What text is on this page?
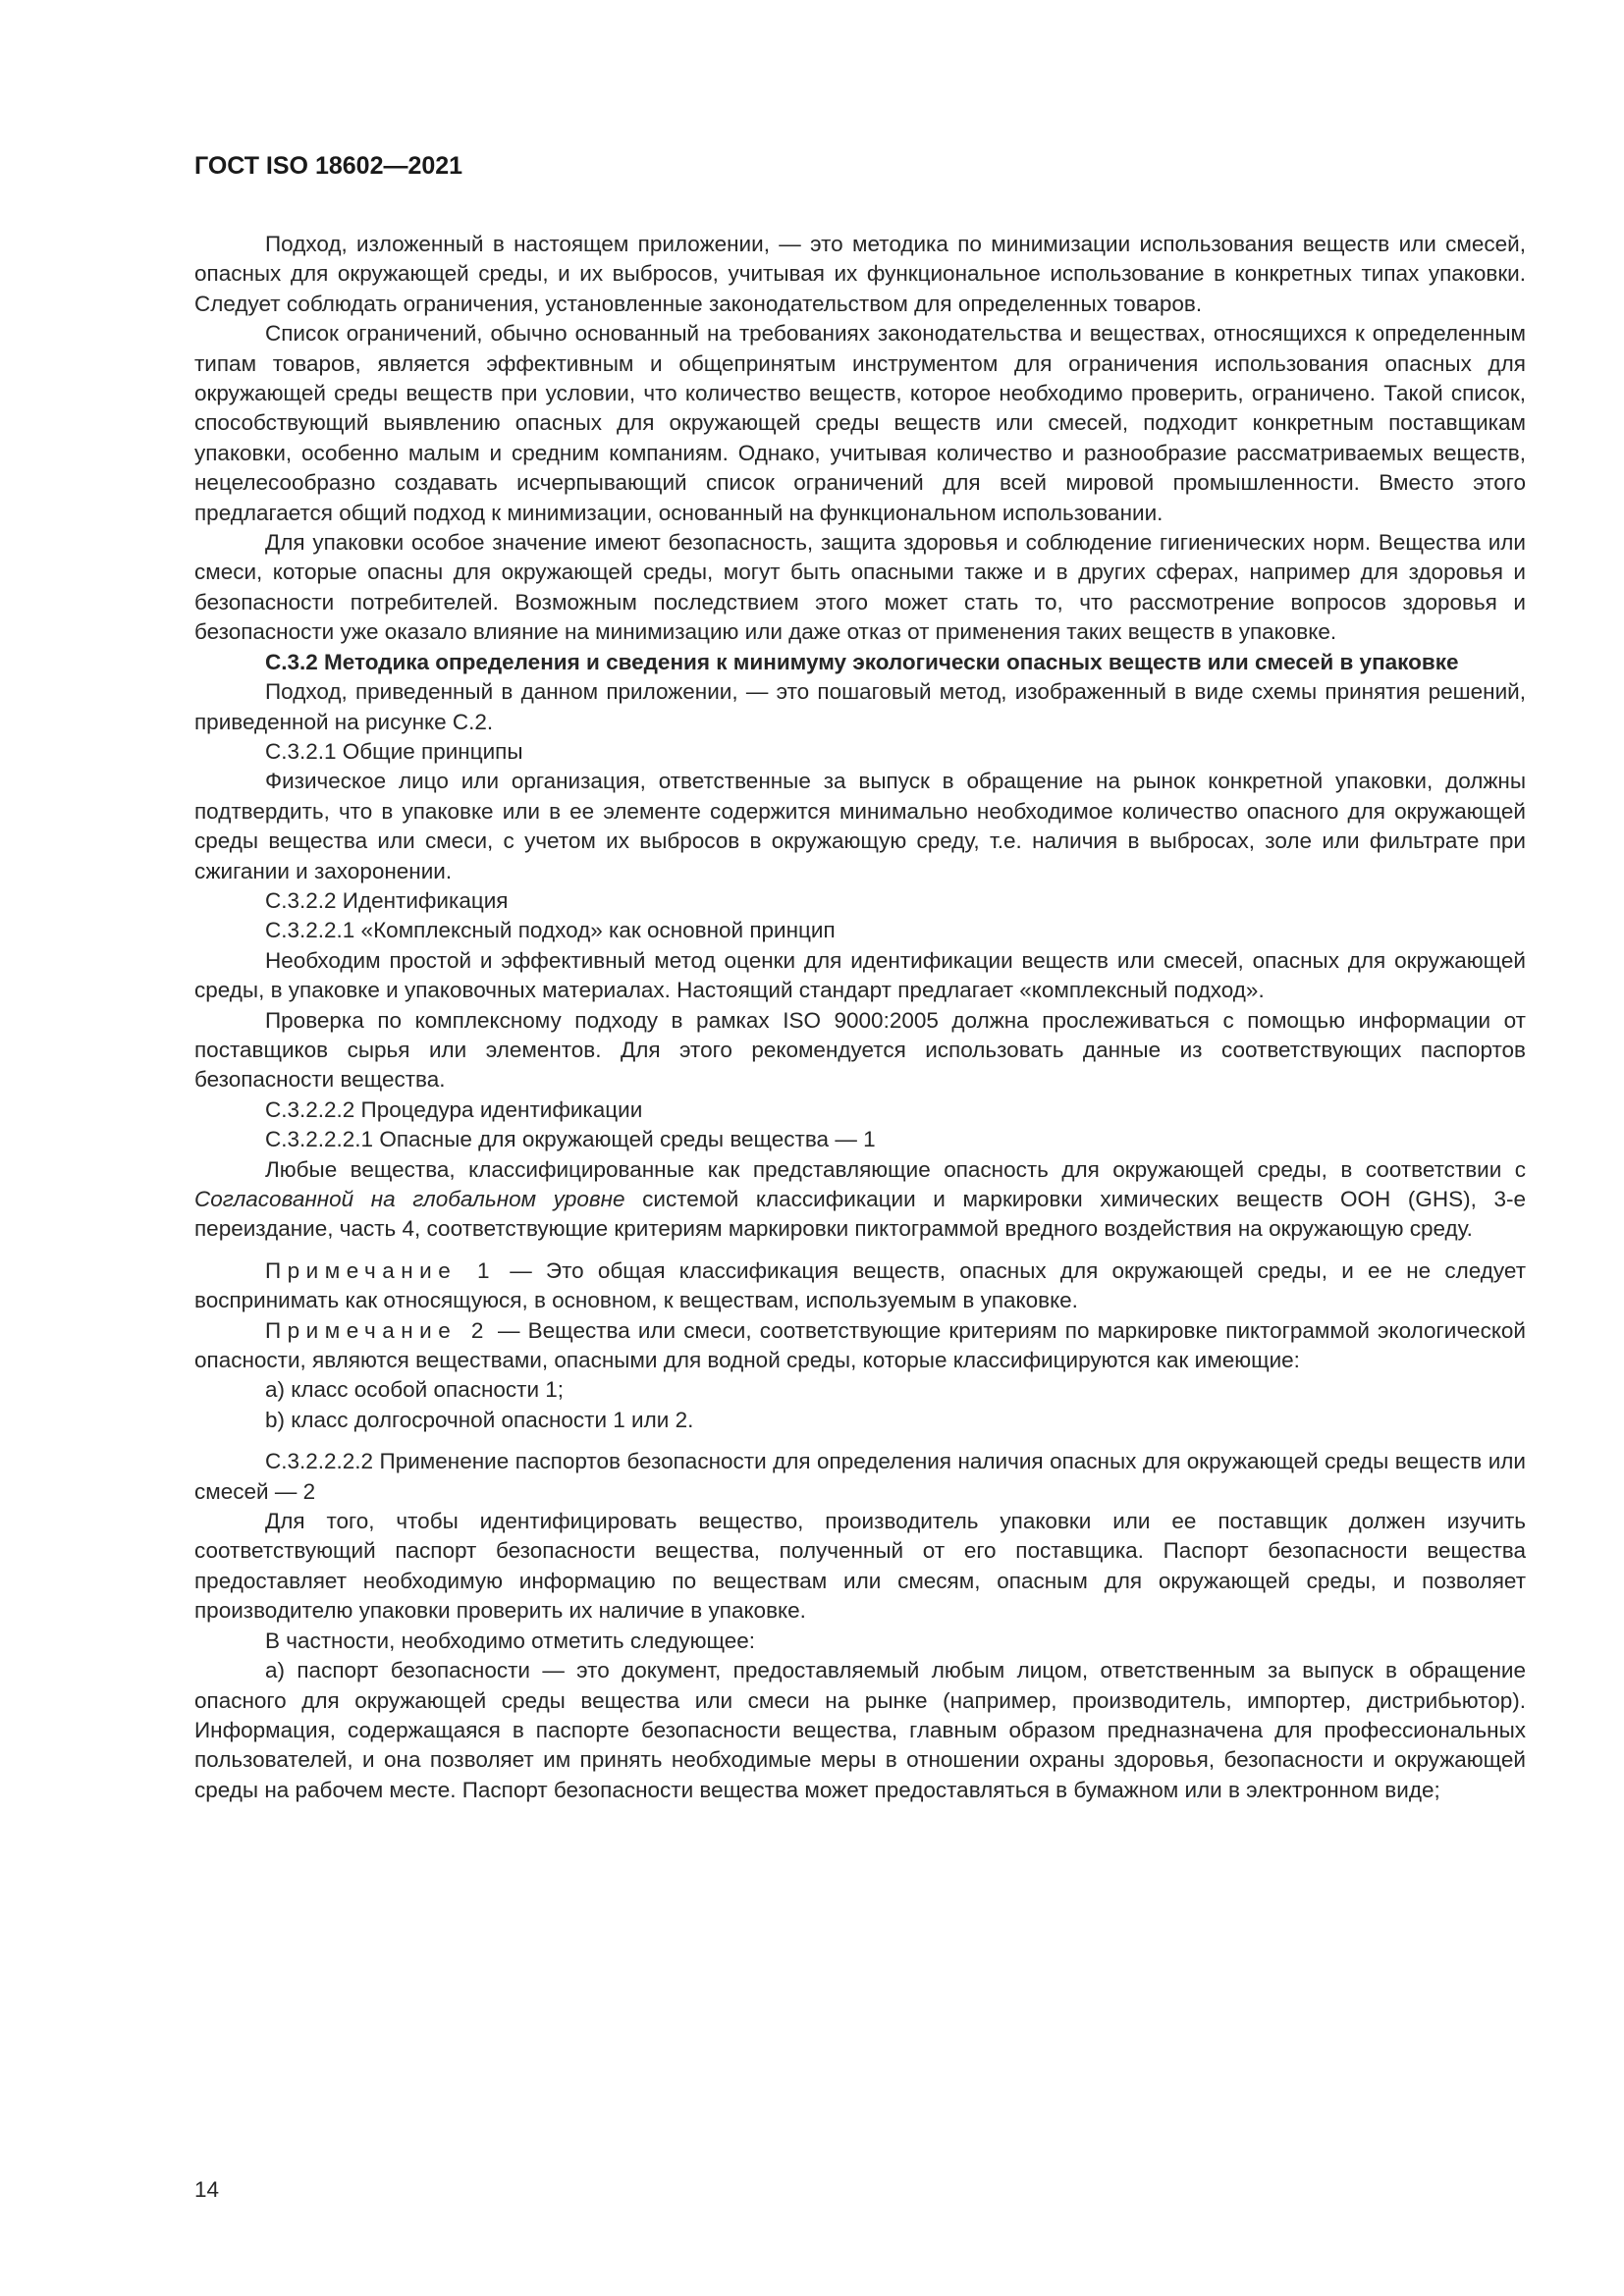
ГОСТ ISO 18602—2021

Подход, изложенный в настоящем приложении, — это методика по минимизации использования веществ или смесей, опасных для окружающей среды, и их выбросов, учитывая их функциональное использование в конкретных типах упаковки. Следует соблюдать ограничения, установленные законодательством для определенных товаров.

Список ограничений, обычно основанный на требованиях законодательства и веществах, относящихся к определенным типам товаров, является эффективным и общепринятым инструментом для ограничения использования опасных для окружающей среды веществ при условии, что количество веществ, которое необходимо проверить, ограничено. Такой список, способствующий выявлению опасных для окружающей среды веществ или смесей, подходит конкретным поставщикам упаковки, особенно малым и средним компаниям. Однако, учитывая количество и разнообразие рассматриваемых веществ, нецелесообразно создавать исчерпывающий список ограничений для всей мировой промышленности. Вместо этого предлагается общий подход к минимизации, основанный на функциональном использовании.

Для упаковки особое значение имеют безопасность, защита здоровья и соблюдение гигиенических норм. Вещества или смеси, которые опасны для окружающей среды, могут быть опасными также и в других сферах, например для здоровья и безопасности потребителей. Возможным последствием этого может стать то, что рассмотрение вопросов здоровья и безопасности уже оказало влияние на минимизацию или даже отказ от применения таких веществ в упаковке.

С.3.2 Методика определения и сведения к минимуму экологически опасных веществ или смесей в упаковке

Подход, приведенный в данном приложении, — это пошаговый метод, изображенный в виде схемы принятия решений, приведенной на рисунке С.2.

С.3.2.1 Общие принципы

Физическое лицо или организация, ответственные за выпуск в обращение на рынок конкретной упаковки, должны подтвердить, что в упаковке или в ее элементе содержится минимально необходимое количество опасного для окружающей среды вещества или смеси, с учетом их выбросов в окружающую среду, т.е. наличия в выбросах, золе или фильтрате при сжигании и захоронении.

С.3.2.2 Идентификация

С.3.2.2.1 «Комплексный подход» как основной принцип

Необходим простой и эффективный метод оценки для идентификации веществ или смесей, опасных для окружающей среды, в упаковке и упаковочных материалах. Настоящий стандарт предлагает «комплексный подход».

Проверка по комплексному подходу в рамках ISO 9000:2005 должна прослеживаться с помощью информации от поставщиков сырья или элементов. Для этого рекомендуется использовать данные из соответствующих паспортов безопасности вещества.

С.3.2.2.2 Процедура идентификации

С.3.2.2.2.1 Опасные для окружающей среды вещества — 1

Любые вещества, классифицированные как представляющие опасность для окружающей среды, в соответствии с Согласованной на глобальном уровне системой классификации и маркировки химических веществ ООН (GHS), 3-е переиздание, часть 4, соответствующие критериям маркировки пиктограммой вредного воздействия на окружающую среду.

Примечание 1 — Это общая классификация веществ, опасных для окружающей среды, и ее не следует воспринимать как относящуюся, в основном, к веществам, используемым в упаковке.

Примечание 2 — Вещества или смеси, соответствующие критериям по маркировке пиктограммой экологической опасности, являются веществами, опасными для водной среды, которые классифицируются как имеющие:

a) класс особой опасности 1;

b) класс долгосрочной опасности 1 или 2.

С.3.2.2.2.2 Применение паспортов безопасности для определения наличия опасных для окружающей среды веществ или смесей — 2

Для того, чтобы идентифицировать вещество, производитель упаковки или ее поставщик должен изучить соответствующий паспорт безопасности вещества, полученный от его поставщика. Паспорт безопасности вещества предоставляет необходимую информацию по веществам или смесям, опасным для окружающей среды, и позволяет производителю упаковки проверить их наличие в упаковке.

В частности, необходимо отметить следующее:

a) паспорт безопасности — это документ, предоставляемый любым лицом, ответственным за выпуск в обращение опасного для окружающей среды вещества или смеси на рынке (например, производитель, импортер, дистрибьютор). Информация, содержащаяся в паспорте безопасности вещества, главным образом предназначена для профессиональных пользователей, и она позволяет им принять необходимые меры в отношении охраны здоровья, безопасности и окружающей среды на рабочем месте. Паспорт безопасности вещества может предоставляться в бумажном или в электронном виде;

14
